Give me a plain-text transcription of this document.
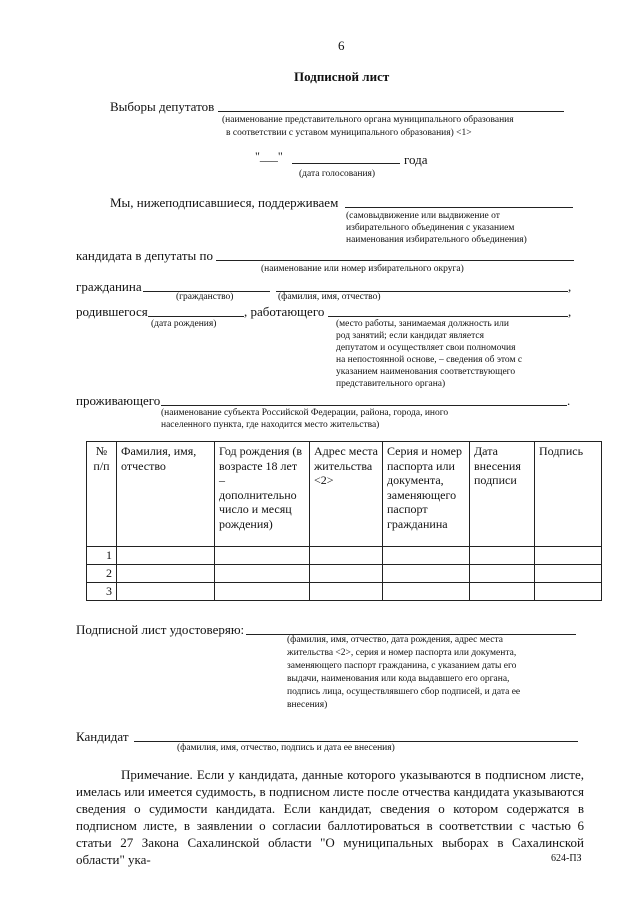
6
Подписной лист
Выборы депутатов
(наименование представительного органа муниципального образования
в соответствии с уставом муниципального образования) <1>
"___"	года
(дата голосования)
Мы, нижеподписавшиеся, поддерживаем
(самовыдвижение или выдвижение от
избирательного объединения с указанием
наименования избирательного объединения)
кандидата в депутаты по
(наименование или номер избирательного округа)
гражданина	,
(гражданство)	(фамилия, имя, отчество)
родившегося	, работающего	,
(дата рождения)	(место работы, занимаемая должность или
род занятий; если кандидат является
депутатом и осуществляет свои полномочия
на непостоянной основе, – сведения об этом с
указанием наименования соответствующего
представительного органа)
проживающего	.
(наименование субъекта Российской Федерации, района, города, иного
населенного пункта, где находится место жительства)
№ п/п	Фамилия, имя, отчество	Год рождения (в возрасте 18 лет – дополнительно число и месяц рождения)	Адрес места жительства <2>	Серия и номер паспорта или документа, заменяющего паспорт гражданина	Дата внесения подписи	Подпись
1						
2						
3						
Подписной лист удостоверяю:
(фамилия, имя, отчество, дата рождения, адрес места
жительства <2>, серия и номер паспорта или документа,
заменяющего паспорт гражданина, с указанием даты его
выдачи, наименования или кода выдавшего его органа,
подпись лица, осуществлявшего сбор подписей, и дата ее
внесения)
Кандидат
(фамилия, имя, отчество, подпись и дата ее внесения)
Примечание. Если у кандидата, данные которого указываются в подписном листе, имелась или имеется судимость, в подписном листе после отчества кандидата указываются сведения о судимости кандидата. Если кандидат, сведения о котором содержатся в подписном листе, в заявлении о согласии баллотироваться в соответствии с частью 6 статьи 27 Закона Сахалинской области "О муниципальных выборах в Сахалинской области" ука-	624-ПЗ
